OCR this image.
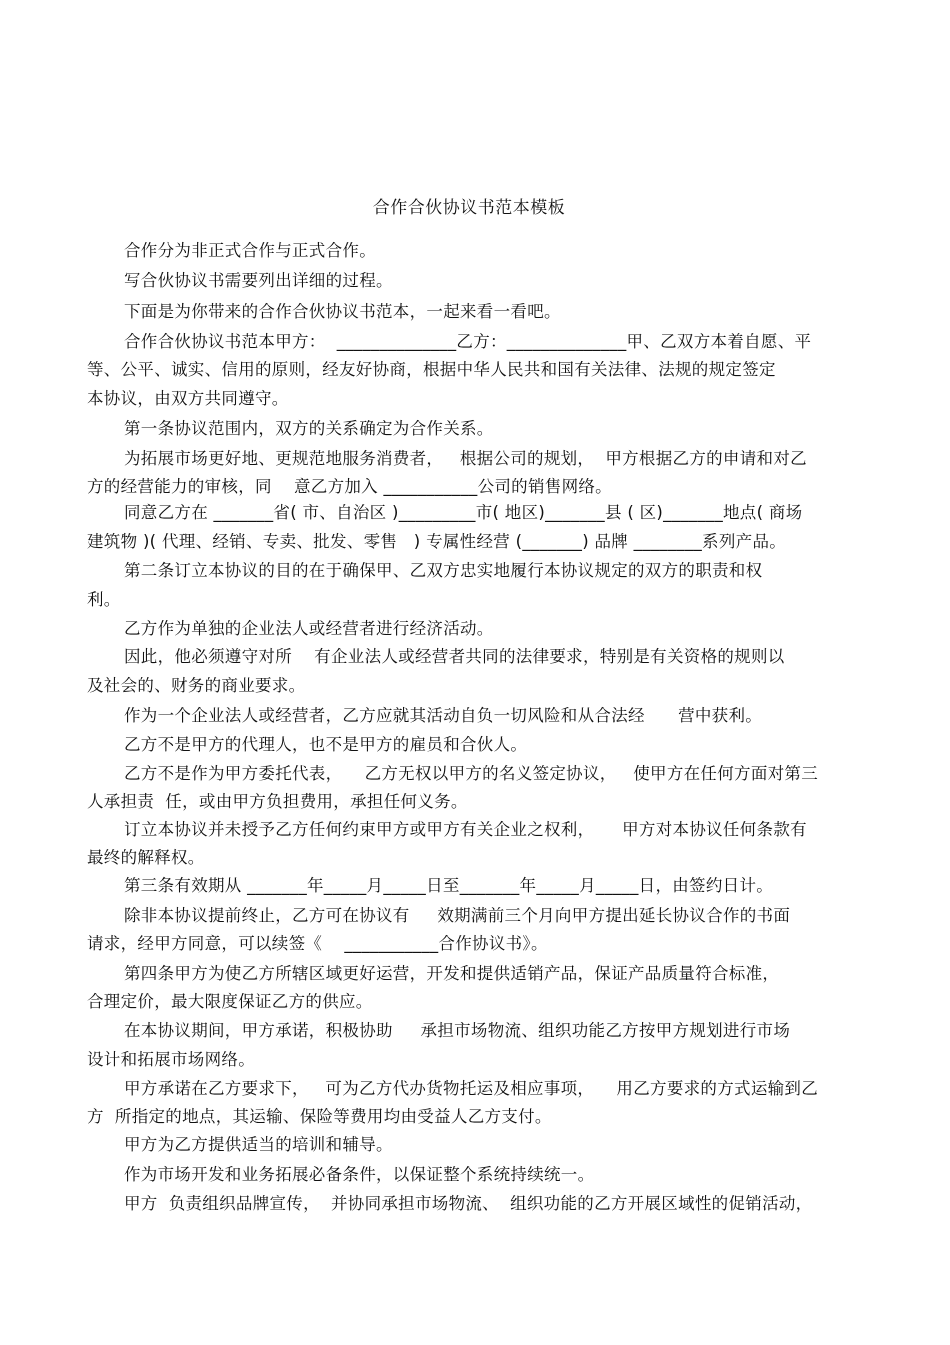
合作合伙协议书范本模板
合作分为非正式合作与正式合作。
写合伙协议书需要列出详细的过程。
下面是为你带来的合作合伙协议书范本，一起来看一看吧。
合作合伙协议书范本甲方：  ______________乙方：______________甲、乙双方本着自愿、平
等、公平、诚实、信用的原则，经友好协商，根据中华人民共和国有关法律、法规的规定签定
本协议，由双方共同遵守。
第一条协议范围内，双方的关系确定为合作关系。
为拓展市场更好地、更规范地服务消费者，   根据公司的规划，  甲方根据乙方的申请和对乙
方的经营能力的审核，同    意乙方加入 ___________公司的销售网络。
同意乙方在 _______省( 市、自治区 )_________市( 地区)_______县 ( 区)_______地点( 商场
建筑物 )( 代理、经销、专卖、批发、零售   ) 专属性经营 (_______) 品牌 ________系列产品。
第二条订立本协议的目的在于确保甲、乙双方忠实地履行本协议规定的双方的职责和权
利。
乙方作为单独的企业法人或经营者进行经济活动。
因此，他必须遵守对所    有企业法人或经营者共同的法律要求，特别是有关资格的规则以
及社会的、财务的商业要求。
作为一个企业法人或经营者，乙方应就其活动自负一切风险和从合法经      营中获利。
乙方不是甲方的代理人，也不是甲方的雇员和合伙人。
乙方不是作为甲方委托代表，    乙方无权以甲方的名义签定协议，   使甲方在任何方面对第三
人承担责  任，或由甲方负担费用，承担任何义务。
订立本协议并未授予乙方任何约束甲方或甲方有关企业之权利，     甲方对本协议任何条款有
最终的解释权。
第三条有效期从 _______年_____月_____日至_______年_____月_____日，由签约日计。
除非本协议提前终止，乙方可在协议有     效期满前三个月向甲方提出延长协议合作的书面
请求，经甲方同意，可以续签《    ___________合作协议书》。
第四条甲方为使乙方所辖区域更好运营，开发和提供适销产品，保证产品质量符合标准，
合理定价，最大限度保证乙方的供应。
在本协议期间，甲方承诺，积极协助     承担市场物流、组织功能乙方按甲方规划进行市场
设计和拓展市场网络。
甲方承诺在乙方要求下，   可为乙方代办货物托运及相应事项，    用乙方要求的方式运输到乙
方  所指定的地点，其运输、保险等费用均由受益人乙方支付。
甲方为乙方提供适当的培训和辅导。
作为市场开发和业务拓展必备条件，以保证整个系统持续统一。
甲方  负责组织品牌宣传，  并协同承担市场物流、  组织功能的乙方开展区域性的促销活动，
